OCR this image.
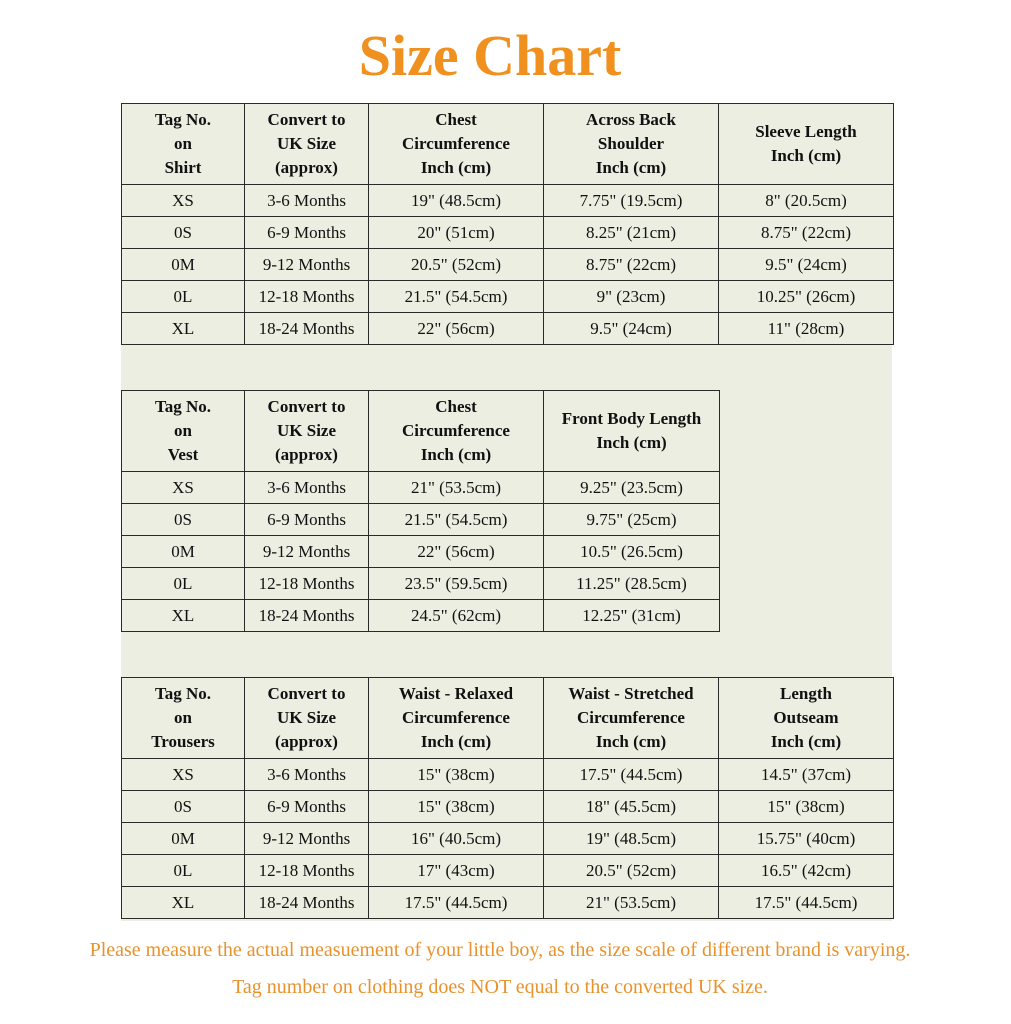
Size Chart
Tag No.
on
Shirt	Convert to
UK Size
(approx)	Chest
Circumference
Inch (cm)	Across Back
Shoulder
Inch (cm)	Sleeve Length
Inch (cm)

XS	3-6 Months	19" (48.5cm)	7.75" (19.5cm)	8" (20.5cm)
0S	6-9 Months	20" (51cm)	8.25" (21cm)	8.75" (22cm)
0M	9-12 Months	20.5" (52cm)	8.75" (22cm)	9.5" (24cm)
0L	12-18 Months	21.5" (54.5cm)	9" (23cm)	10.25" (26cm)
XL	18-24 Months	22" (56cm)	9.5" (24cm)	11" (28cm)
Tag No.
on
Vest	Convert to
UK Size
(approx)	Chest
Circumference
Inch (cm)	Front Body Length
Inch (cm)

XS	3-6 Months	21" (53.5cm)	9.25" (23.5cm)
0S	6-9 Months	21.5" (54.5cm)	9.75" (25cm)
0M	9-12 Months	22" (56cm)	10.5" (26.5cm)
0L	12-18 Months	23.5" (59.5cm)	11.25" (28.5cm)
XL	18-24 Months	24.5" (62cm)	12.25" (31cm)
Tag No.
on
Trousers	Convert to
UK Size
(approx)	Waist - Relaxed
Circumference
Inch (cm)	Waist - Stretched
Circumference
Inch (cm)	Length
Outseam
Inch (cm)

XS	3-6 Months	15" (38cm)	17.5" (44.5cm)	14.5" (37cm)
0S	6-9 Months	15" (38cm)	18" (45.5cm)	15" (38cm)
0M	9-12 Months	16" (40.5cm)	19" (48.5cm)	15.75" (40cm)
0L	12-18 Months	17" (43cm)	20.5" (52cm)	16.5" (42cm)
XL	18-24 Months	17.5" (44.5cm)	21" (53.5cm)	17.5" (44.5cm)
Please measure the actual measuement of your little boy, as the size scale of different brand is varying.
Tag number on clothing does NOT equal to the converted UK size.
